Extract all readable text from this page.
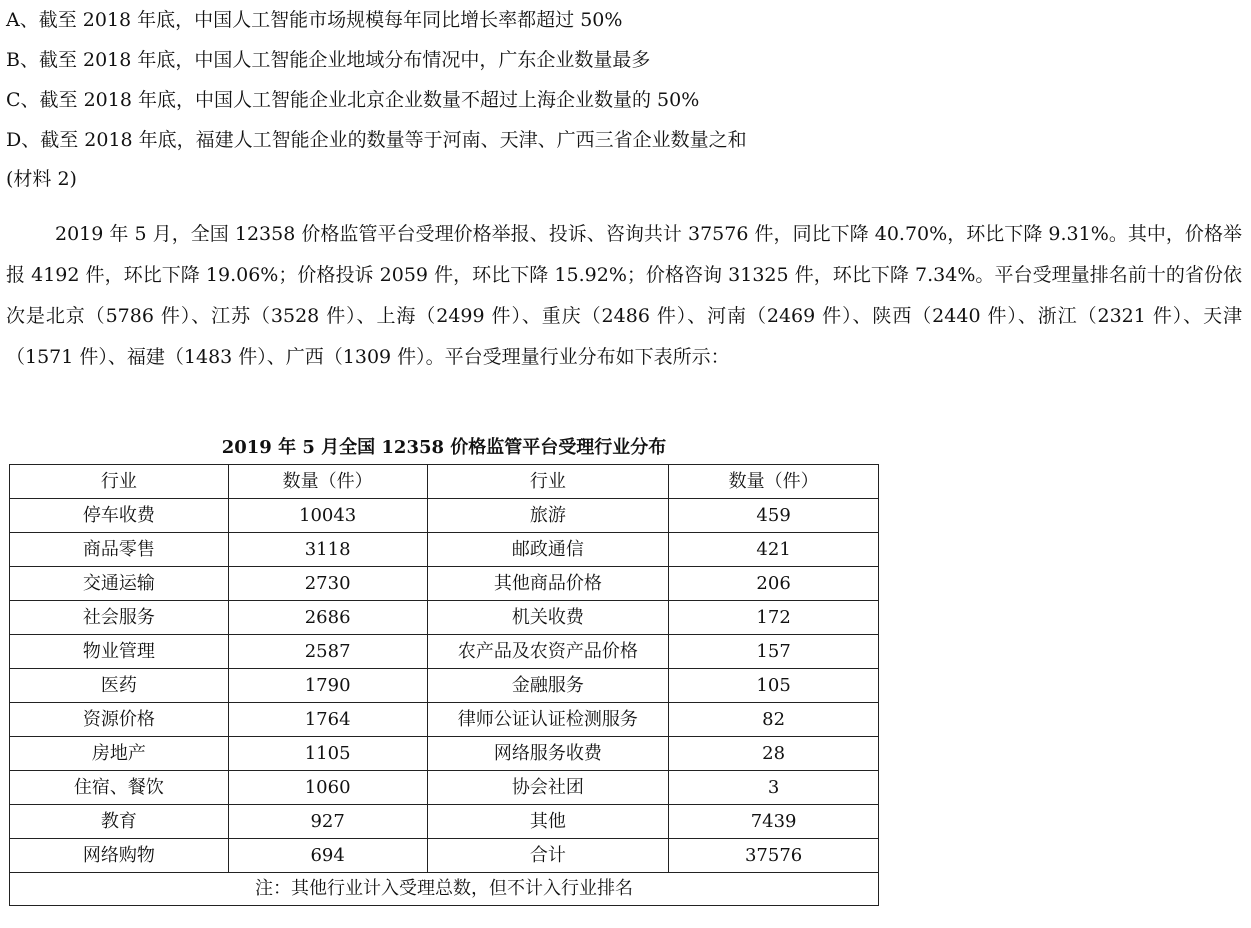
A、截至 2018 年底，中国人工智能市场规模每年同比增长率都超过 50%
B、截至 2018 年底，中国人工智能企业地域分布情况中，广东企业数量最多
C、截至 2018 年底，中国人工智能企业北京企业数量不超过上海企业数量的 50%
D、截至 2018 年底，福建人工智能企业的数量等于河南、天津、广西三省企业数量之和
(材料 2)
2019 年 5 月，全国 12358 价格监管平台受理价格举报、投诉、咨询共计 37576 件，同比下降 40.70%，环比下降 9.31%。其中，价格举报 4192 件，环比下降 19.06%；价格投诉 2059 件，环比下降 15.92%；价格咨询 31325 件，环比下降 7.34%。平台受理量排名前十的省份依次是北京（5786 件）、江苏（3528 件）、上海（2499 件）、重庆（2486 件）、河南（2469 件）、陕西（2440 件）、浙江（2321 件）、天津（1571 件）、福建（1483 件）、广西（1309 件）。平台受理量行业分布如下表所示：
2019 年 5 月全国 12358 价格监管平台受理行业分布
行业	数量（件）	行业	数量（件）
停车收费	10043	旅游	459
商品零售	3118	邮政通信	421
交通运输	2730	其他商品价格	206
社会服务	2686	机关收费	172
物业管理	2587	农产品及农资产品价格	157
医药	1790	金融服务	105
资源价格	1764	律师公证认证检测服务	82
房地产	1105	网络服务收费	28
住宿、餐饮	1060	协会社团	3
教育	927	其他	7439
网络购物	694	合计	37576
注：其他行业计入受理总数，但不计入行业排名			
